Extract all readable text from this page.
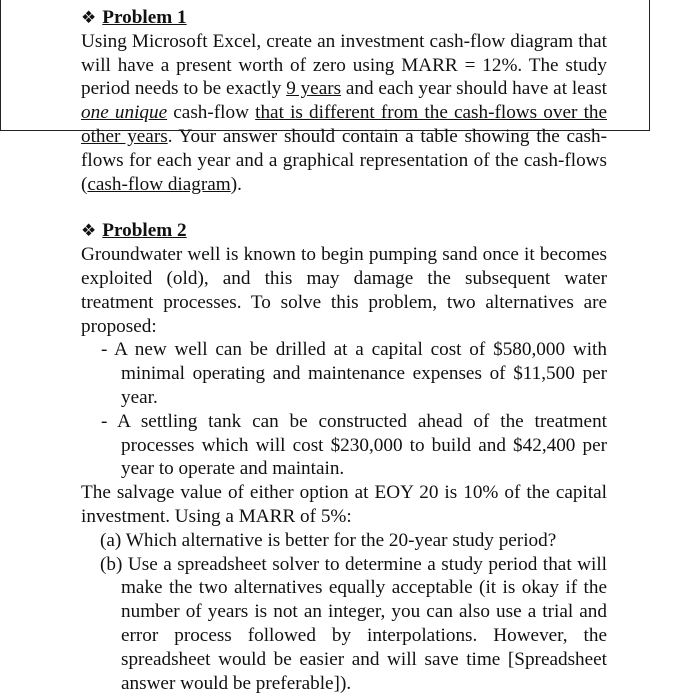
❖ Problem 1
Using Microsoft Excel, create an investment cash-flow diagram that will have a present worth of zero using MARR = 12%. The study period needs to be exactly 9 years and each year should have at least one unique cash-flow that is different from the cash-flows over the other years. Your answer should contain a table showing the cash-flows for each year and a graphical representation of the cash-flows (cash-flow diagram).
❖ Problem 2
Groundwater well is known to begin pumping sand once it becomes exploited (old), and this may damage the subsequent water treatment processes. To solve this problem, two alternatives are proposed:
- A new well can be drilled at a capital cost of $580,000 with minimal operating and maintenance expenses of $11,500 per year.
- A settling tank can be constructed ahead of the treatment processes which will cost $230,000 to build and $42,400 per year to operate and maintain.
The salvage value of either option at EOY 20 is 10% of the capital investment. Using a MARR of 5%:
(a) Which alternative is better for the 20-year study period?
(b) Use a spreadsheet solver to determine a study period that will make the two alternatives equally acceptable (it is okay if the number of years is not an integer, you can also use a trial and error process followed by interpolations. However, the spreadsheet would be easier and will save time [Spreadsheet answer would be preferable]).
